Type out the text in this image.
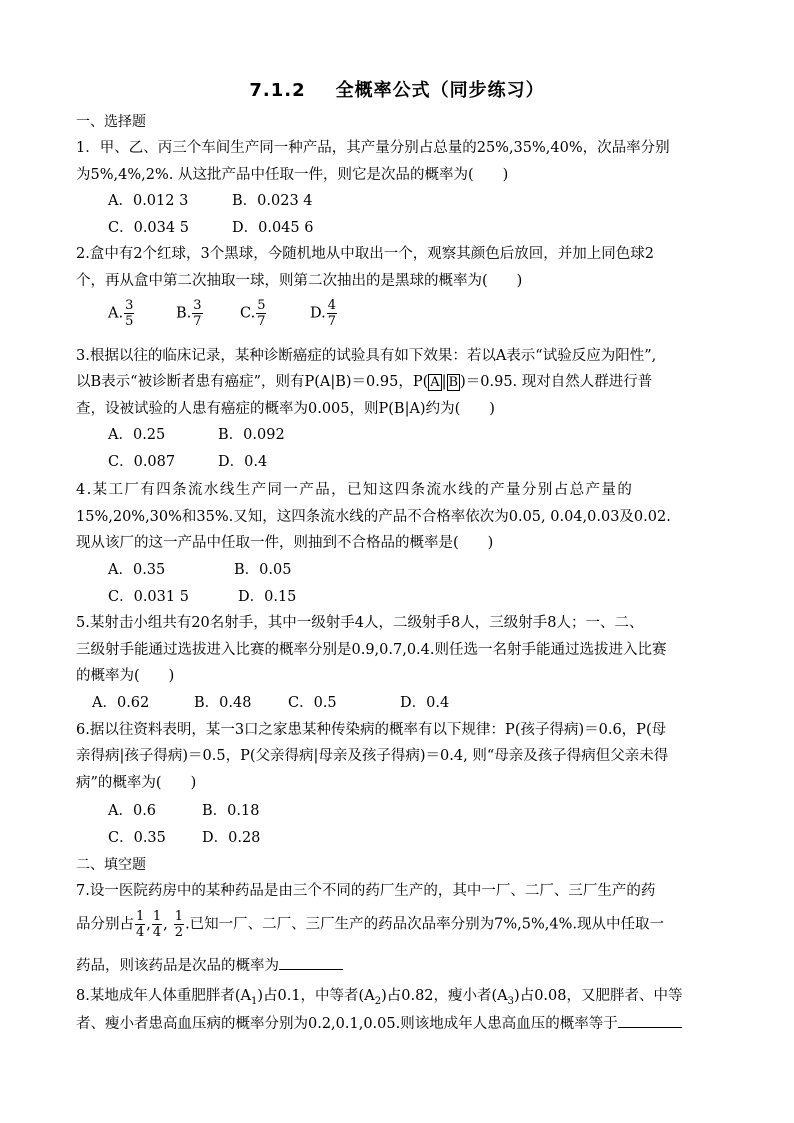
7.1.2 全概率公式（同步练习）
一、选择题
1．甲、乙、丙三个车间生产同一种产品，其产量分别占总量的25%,35%,40%，次品率分别
为5%,4%,2%. 从这批产品中任取一件，则它是次品的概率为(　　)
A．0.012 3	B．0.023 4
C．0.034 5	D．0.045 6
2.盒中有2个红球，3个黑球，今随机地从中取出一个，观察其颜色后放回，并加上同色球2
个，再从盒中第二次抽取一球，则第二次抽出的是黑球的概率为(　　)
A. $\frac{3}{5}$	B. $\frac{3}{7}$	C. $\frac{5}{7}$	D. $\frac{4}{7}$
3.根据以往的临床记录，某种诊断癌症的试验具有如下效果：若以A表示“试验反应为阳性”,
以B表示“被诊断者患有癌症”，则有P(A|B)＝0.95，P( A | B )＝0.95. 现对自然人群进行普
查，设被试验的人患有癌症的概率为0.005，则P(B|A)约为(　　)
A．0.25	B．0.092
C．0.087	D．0.4
4.某工厂有四条流水线生产同一产品，已知这四条流水线的产量分别占总产量的
15%,20%,30%和35%.又知，这四条流水线的产品不合格率依次为0.05, 0.04,0.03及0.02.
现从该厂的这一产品中任取一件，则抽到不合格品的概率是(　　)
A．0.35	B．0.05
C．0.031 5	D．0.15
5.某射击小组共有20名射手，其中一级射手4人，二级射手8人，三级射手8人；一、二、
三级射手能通过选拔进入比赛的概率分别是0.9,0.7,0.4.则任选一名射手能通过选拔进入比赛
的概率为(　　)
A．0.62	B．0.48	C．0.5	D．0.4
6.据以往资料表明，某一3口之家患某种传染病的概率有以下规律：P(孩子得病)＝0.6，P(母
亲得病|孩子得病)＝0.5，P(父亲得病|母亲及孩子得病)＝0.4, 则“母亲及孩子得病但父亲未得
病”的概率为(　　)
A．0.6	B．0.18
C．0.35 D．0.28
二、填空题
7.设一医院药房中的某种药品是由三个不同的药厂生产的，其中一厂、二厂、三厂生产的药
品分别占 $\frac{1}{4}$ , $\frac{1}{4}$ , $\frac{1}{2}$ .已知一厂、二厂、三厂生产的药品次品率分别为7%,5%,4%.现从中任取一
药品，则该药品是次品的概率为
8.某地成年人体重肥胖者$(A_1)$占0.1，中等者$(A_2)$占0.82，瘦小者$(A_3)$占0.08，又肥胖者、中等
者、瘦小者患高血压病的概率分别为0.2,0.1,0.05.则该地成年人患高血压的概率等于
